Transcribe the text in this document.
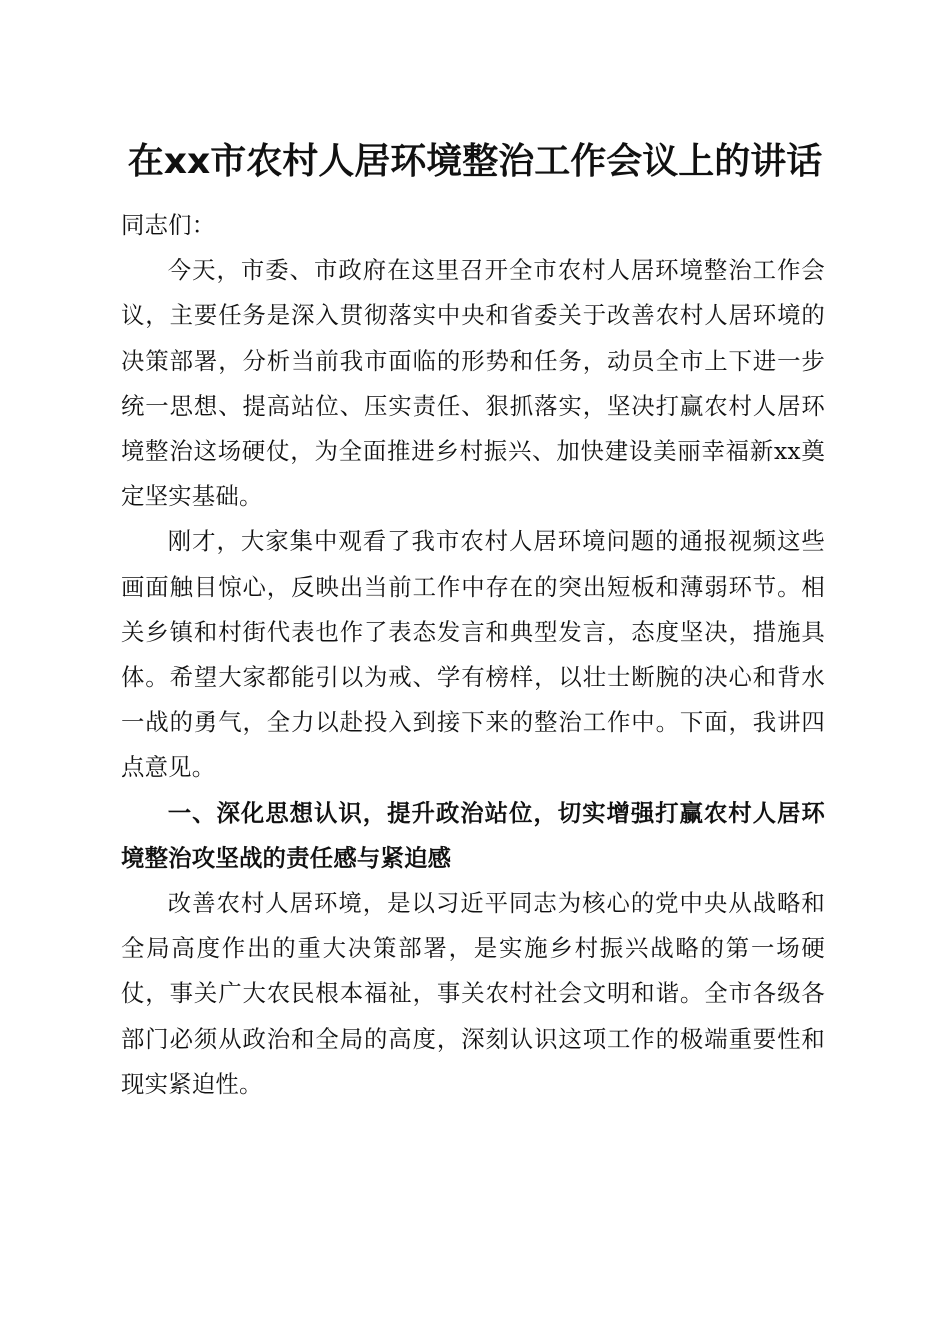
在xx市农村人居环境整治工作会议上的讲话

同志们：

今天，市委、市政府在这里召开全市农村人居环境整治工作会议，主要任务是深入贯彻落实中央和省委关于改善农村人居环境的决策部署，分析当前我市面临的形势和任务，动员全市上下进一步统一思想、提高站位、压实责任、狠抓落实，坚决打赢农村人居环境整治这场硬仗，为全面推进乡村振兴、加快建设美丽幸福新xx奠定坚实基础。

刚才，大家集中观看了我市农村人居环境问题的通报视频这些画面触目惊心，反映出当前工作中存在的突出短板和薄弱环节。相关乡镇和村街代表也作了表态发言和典型发言，态度坚决，措施具体。希望大家都能引以为戒、学有榜样，以壮士断腕的决心和背水一战的勇气，全力以赴投入到接下来的整治工作中。下面，我讲四点意见。

一、深化思想认识，提升政治站位，切实增强打赢农村人居环境整治攻坚战的责任感与紧迫感

改善农村人居环境，是以习近平同志为核心的党中央从战略和全局高度作出的重大决策部署，是实施乡村振兴战略的第一场硬仗，事关广大农民根本福祉，事关农村社会文明和谐。全市各级各部门必须从政治和全局的高度，深刻认识这项工作的极端重要性和现实紧迫性。
